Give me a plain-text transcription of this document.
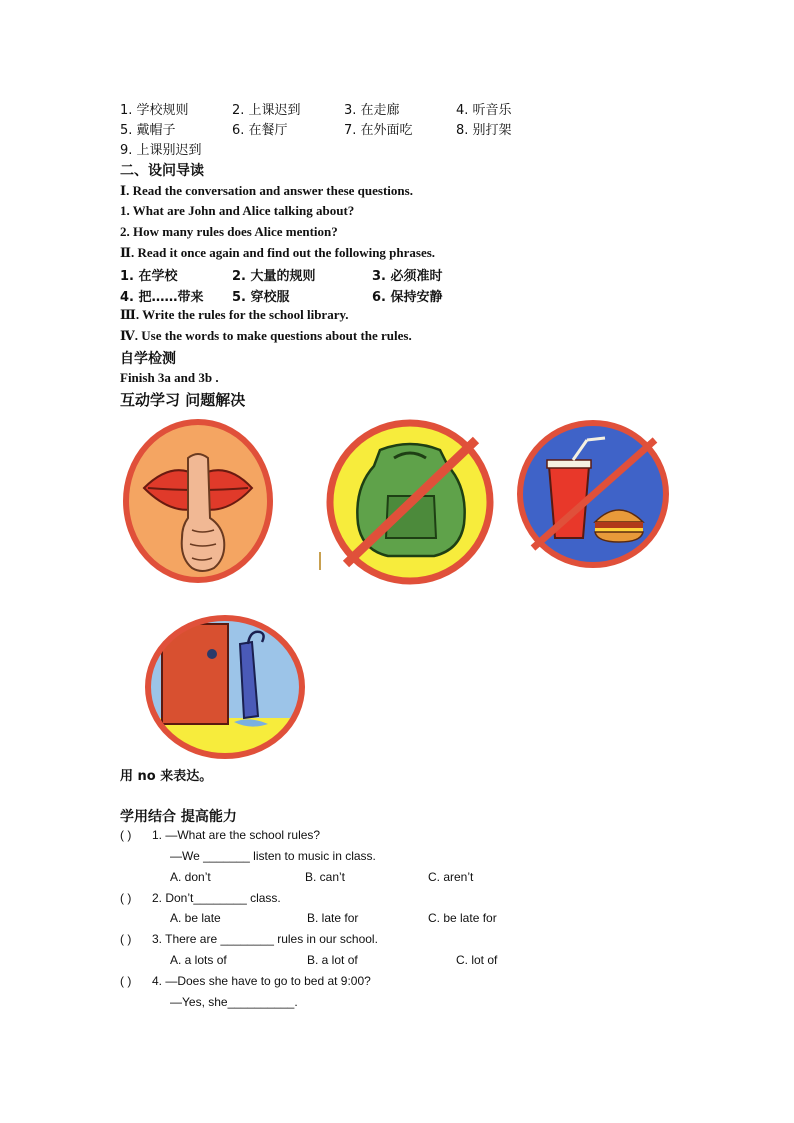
1. 学校规则	2. 上课迟到	3. 在走廊	4. 听音乐
5. 戴帽子	6. 在餐厅	7. 在外面吃	8. 别打架
9. 上课别迟到
二、设问导读
Ⅰ. Read the conversation and answer these questions.
1. What are John and Alice talking about?
2. How many rules does Alice mention?
Ⅱ. Read it once again and find out the following phrases.
1. 在学校	2. 大量的规则	3. 必须准时
4. 把……带来 5. 穿校服	6. 保持安静
Ⅲ. Write the rules for the school library.
Ⅳ. Use the words to make questions about the rules.
自学检测
Finish 3a and 3b .
互动学习 问题解决
用 no 来表达。
学用结合 提高能力
( ) 1. —What are the school rules?
—We _______ listen to music in class.
A. don’t	B. can’t	C. aren’t
( ) 2. Don’t________ class.
A. be late	B. late for	C. be late for
( ) 3. There are ________ rules in our school.
A. a lots of	B. a lot of	C. lot of
( ) 4. —Does she have to go to bed at 9:00?
—Yes, she__________.
